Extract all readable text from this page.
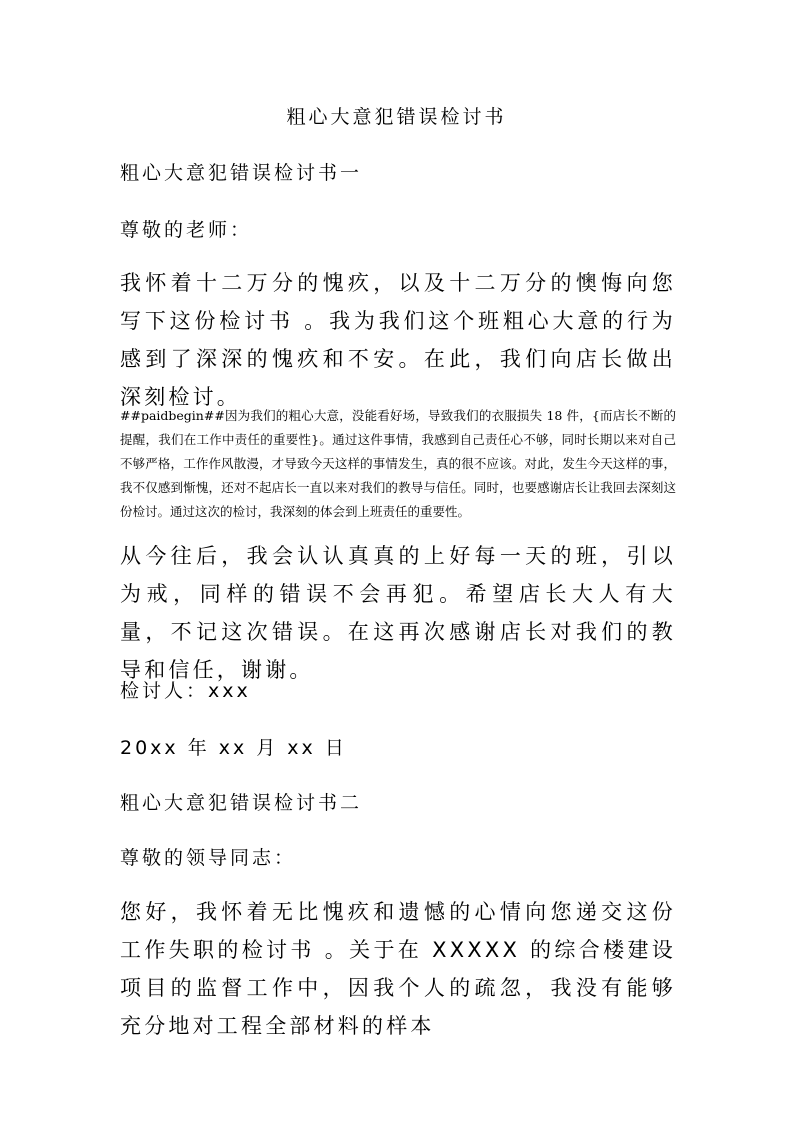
粗心大意犯错误检讨书
粗心大意犯错误检讨书一
尊敬的老师：
我怀着十二万分的愧疚，以及十二万分的懊悔向您写下这份检讨书 。我为我们这个班粗心大意的行为感到了深深的愧疚和不安。在此，我们向店长做出深刻检讨。
##paidbegin##因为我们的粗心大意，没能看好场，导致我们的衣服损失 18 件，{而店长不断的提醒，我们在工作中责任的重要性}。通过这件事情，我感到自己责任心不够，同时长期以来对自己不够严格，工作作风散漫，才导致今天这样的事情发生，真的很不应该。对此，发生今天这样的事，我不仅感到惭愧，还对不起店长一直以来对我们的教导与信任。同时，也要感谢店长让我回去深刻这份检讨。通过这次的检讨，我深刻的体会到上班责任的重要性。
从今往后，我会认认真真的上好每一天的班，引以为戒，同样的错误不会再犯。希望店长大人有大量，不记这次错误。在这再次感谢店长对我们的教导和信任，谢谢。
检讨人：xxx
20xx 年 xx 月 xx 日
粗心大意犯错误检讨书二
尊敬的领导同志：
您好，我怀着无比愧疚和遗憾的心情向您递交这份工作失职的检讨书 。关于在 XXXXX 的综合楼建设项目的监督工作中，因我个人的疏忽，我没有能够充分地对工程全部材料的样本
